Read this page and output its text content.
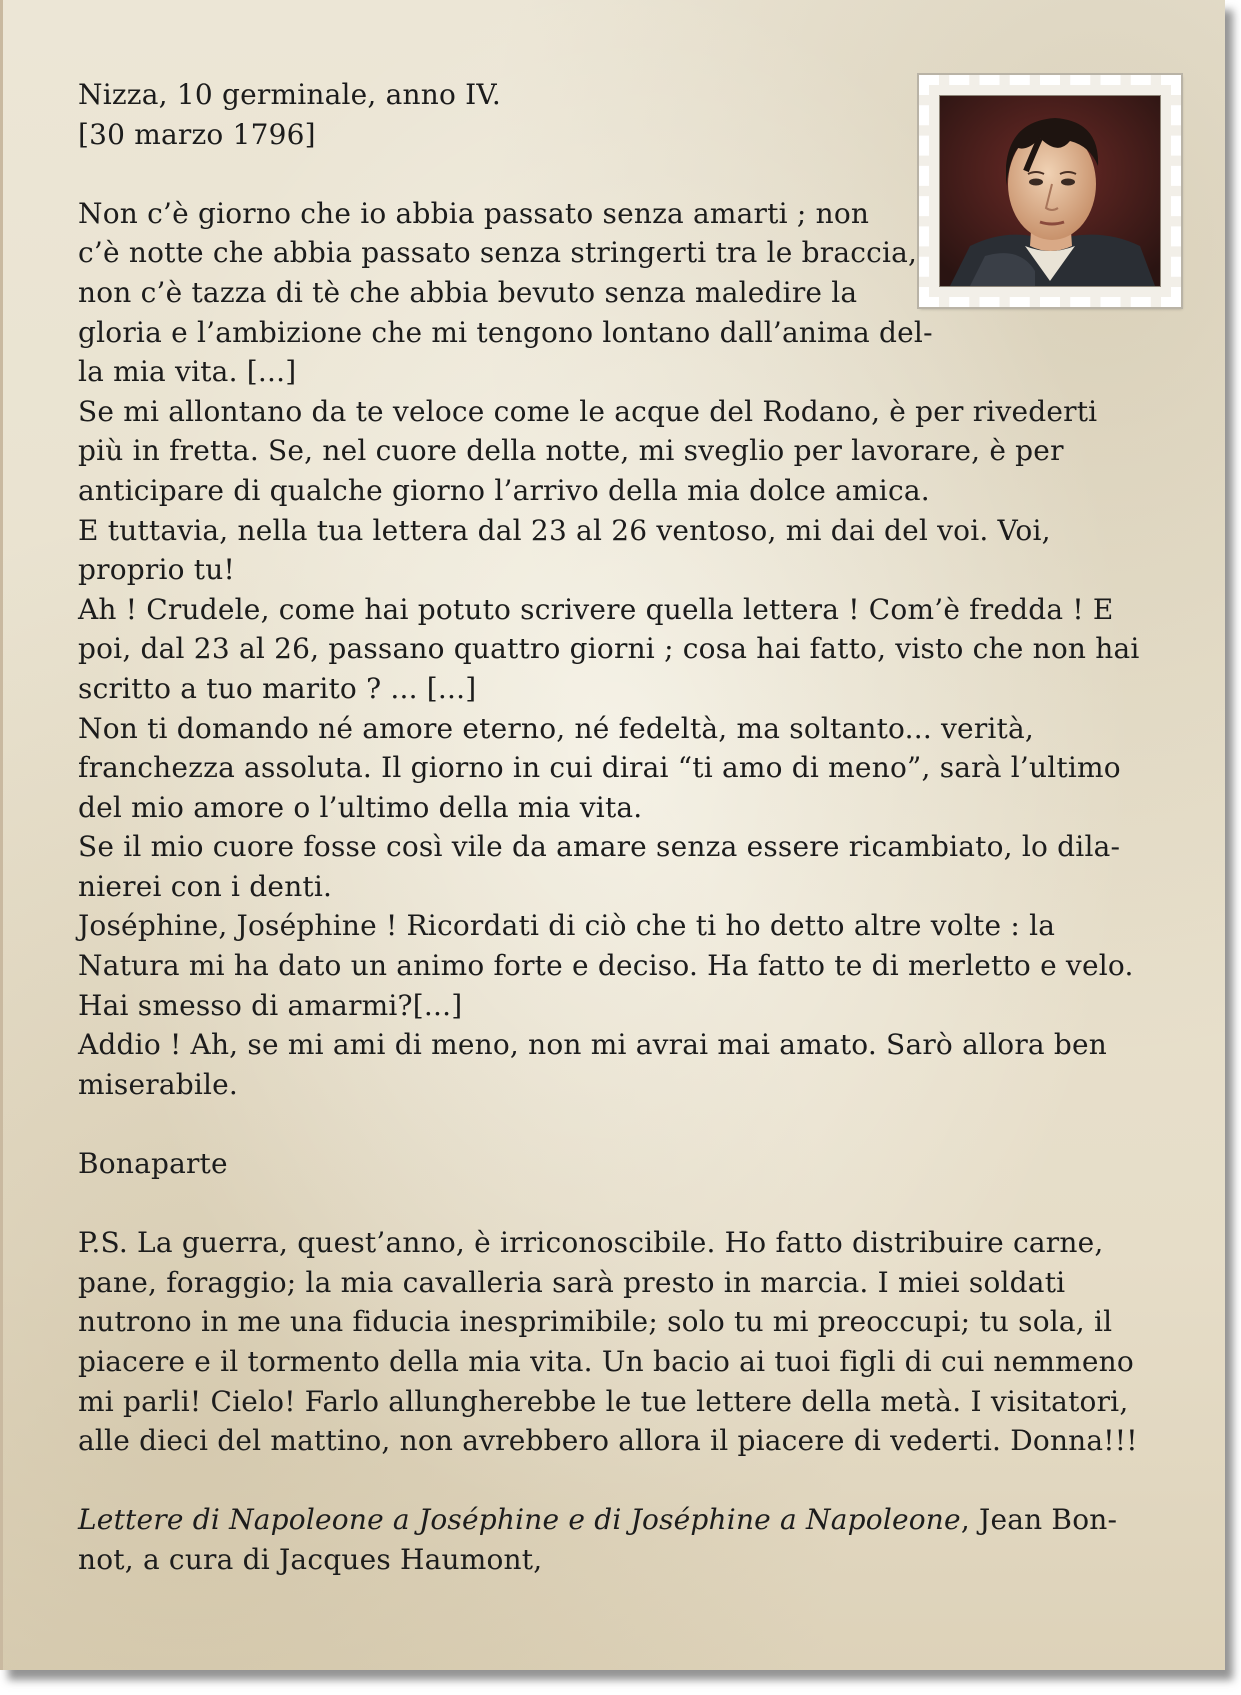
Nizza, 10 germinale, anno IV.
[30 marzo 1796]
Non c’è giorno che io abbia passato senza amarti ; non
c’è notte che abbia passato senza stringerti tra le braccia,
non c’è tazza di tè che abbia bevuto senza maledire la
gloria e l’ambizione che mi tengono lontano dall’anima del-
la mia vita. [...]
Se mi allontano da te veloce come le acque del Rodano, è per rivederti
più in fretta. Se, nel cuore della notte, mi sveglio per lavorare, è per
anticipare di qualche giorno l’arrivo della mia dolce amica.
E tuttavia, nella tua lettera dal 23 al 26 ventoso, mi dai del voi. Voi,
proprio tu!
Ah ! Crudele, come hai potuto scrivere quella lettera ! Com’è fredda ! E
poi, dal 23 al 26, passano quattro giorni ; cosa hai fatto, visto che non hai
scritto a tuo marito ? ... [...]
Non ti domando né amore eterno, né fedeltà, ma soltanto... verità,
franchezza assoluta. Il giorno in cui dirai “ti amo di meno”, sarà l’ultimo
del mio amore o l’ultimo della mia vita.
Se il mio cuore fosse così vile da amare senza essere ricambiato, lo dila-
nierei con i denti.
Joséphine, Joséphine ! Ricordati di ciò che ti ho detto altre volte : la
Natura mi ha dato un animo forte e deciso. Ha fatto te di merletto e velo.
Hai smesso di amarmi?[...]
Addio ! Ah, se mi ami di meno, non mi avrai mai amato. Sarò allora ben
miserabile.
Bonaparte
P.S. La guerra, quest’anno, è irriconoscibile. Ho fatto distribuire carne,
pane, foraggio; la mia cavalleria sarà presto in marcia. I miei soldati
nutrono in me una fiducia inesprimibile; solo tu mi preoccupi; tu sola, il
piacere e il tormento della mia vita. Un bacio ai tuoi figli di cui nemmeno
mi parli! Cielo! Farlo allungherebbe le tue lettere della metà. I visitatori,
alle dieci del mattino, non avrebbero allora il piacere di vederti. Donna!!!
Lettere di Napoleone a Joséphine e di Joséphine a Napoleone, Jean Bon-
not, a cura di Jacques Haumont,
